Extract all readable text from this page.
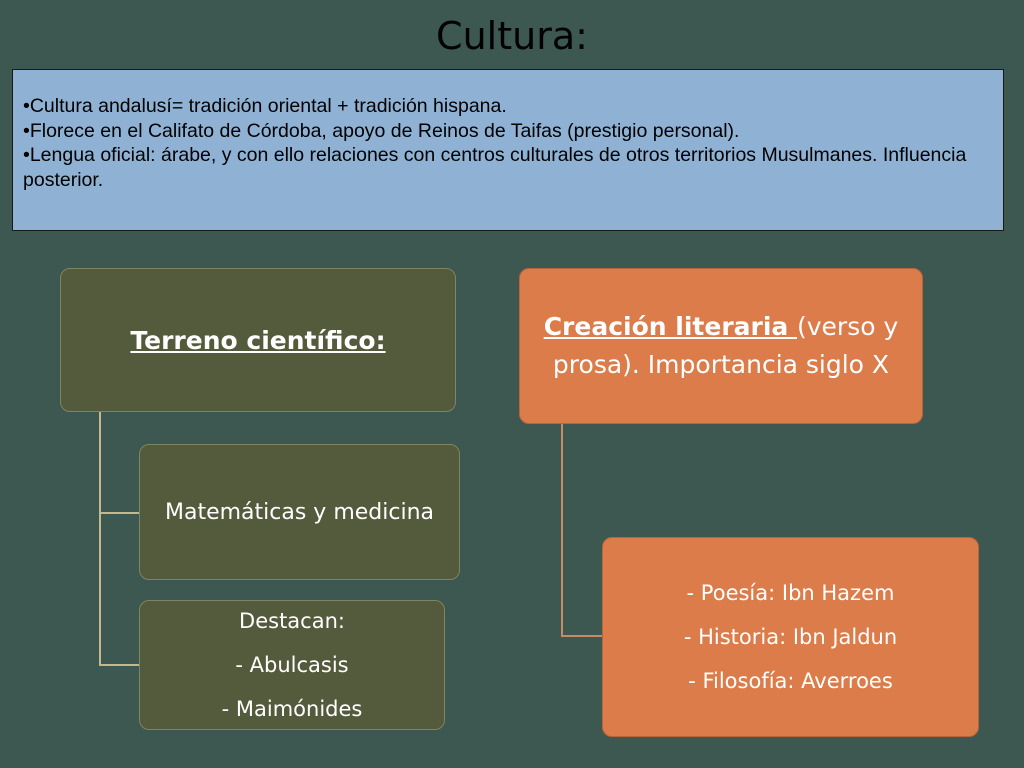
Cultura:

•Cultura andalusí= tradición oriental + tradición hispana.

•Florece en el Califato de Córdoba, apoyo de Reinos de Taifas (prestigio personal).

•Lengua oficial: árabe, y con ello relaciones con centros culturales de otros territorios Musulmanes. Influencia posterior.

Terreno científico:
Matemáticas y medicina
Destacan:
- Abulcasis
- Maimónides
Creación literaria (verso y prosa). Importancia siglo X
- Poesía: Ibn Hazem
- Historia: Ibn Jaldun
- Filosofía: Averroes
